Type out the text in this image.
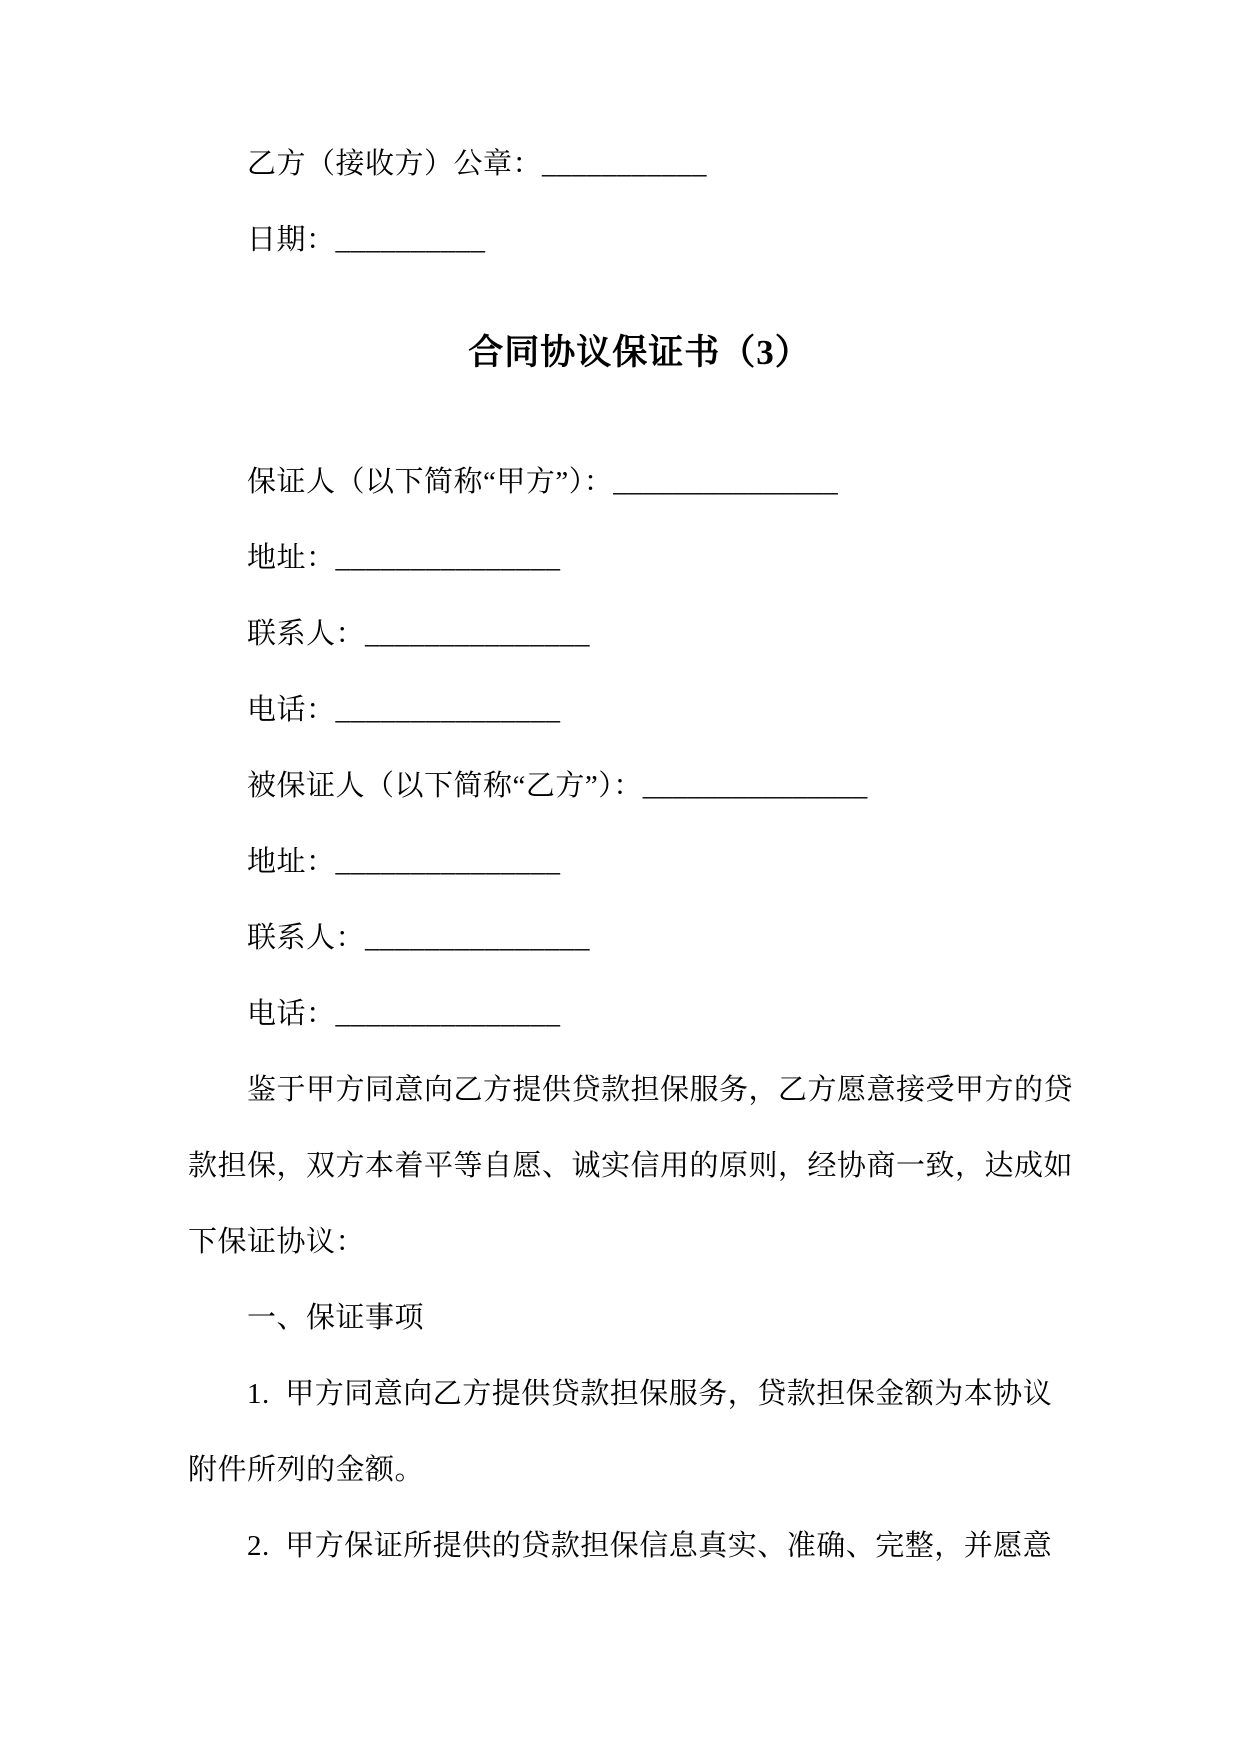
乙方（接收方）公章：___________
日期：__________
合同协议保证书（3）
保证人（以下简称“甲方”）：_______________
地址：_______________
联系人：_______________
电话：_______________
被保证人（以下简称“乙方”）：_______________
地址：_______________
联系人：_______________
电话：_______________
鉴于甲方同意向乙方提供贷款担保服务，乙方愿意接受甲方的贷
款担保，双方本着平等自愿、诚实信用的原则，经协商一致，达成如
下保证协议：
一、保证事项
1.  甲方同意向乙方提供贷款担保服务，贷款担保金额为本协议
附件所列的金额。
2.  甲方保证所提供的贷款担保信息真实、准确、完整，并愿意
